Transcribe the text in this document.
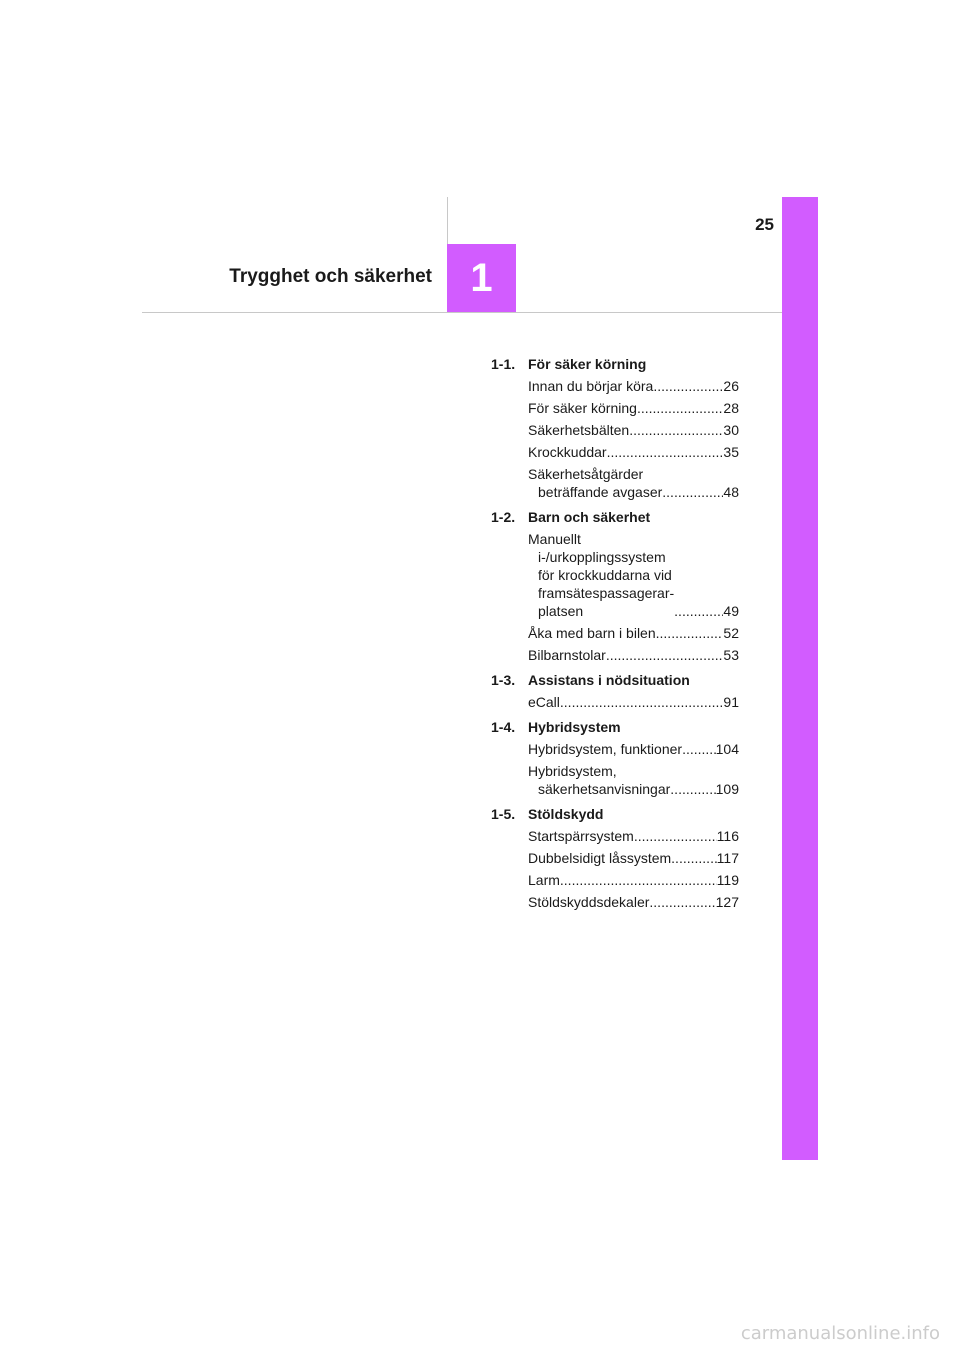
25
1
Trygghet och säkerhet
1-1. För säker körning
Innan du börjar köra .....	26
För säker körning .....	28
Säkerhetsbälten .....	30
Krockkuddar .....	35
Säkerhetsåtgärder
beträffande avgaser .....	48
1-2. Barn och säkerhet
Manuellt
i-/urkopplingssystem
för krockkuddarna vid
framsätespassagerar-
platsen .....	49
Åka med barn i bilen .....	52
Bilbarnstolar .....	53
1-3. Assistans i nödsituation
eCall .....	91
1-4. Hybridsystem
Hybridsystem, funktioner ..... 104
Hybridsystem,
säkerhetsanvisningar .....	109
1-5. Stöldskydd
Startspärrsystem .....	116
Dubbelsidigt låssystem .....	117
Larm .....	119
Stöldskyddsdekaler .....	127
carmanualsonline.info
